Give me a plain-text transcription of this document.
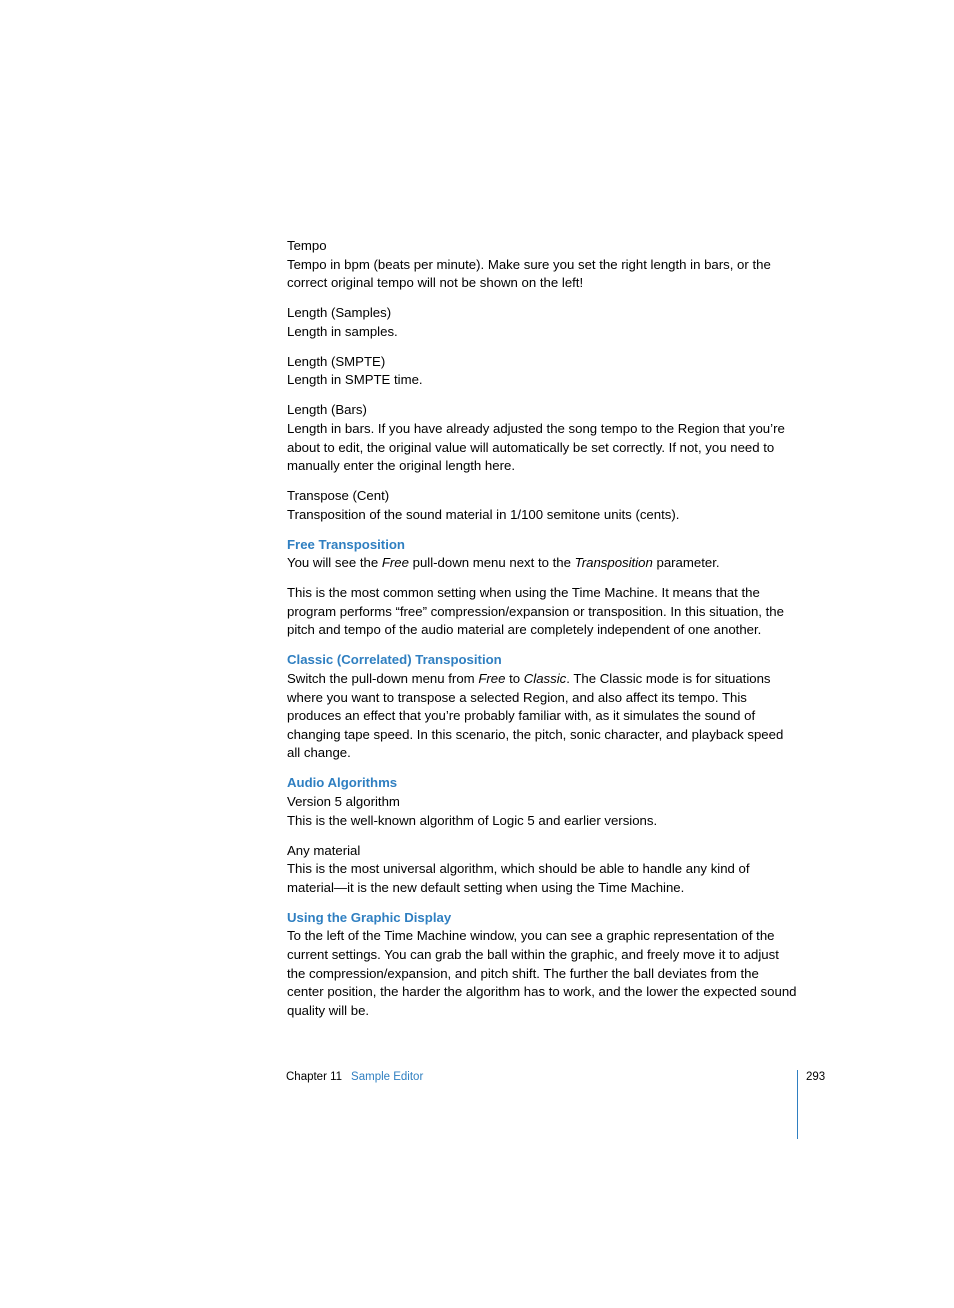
Tempo

Tempo in bpm (beats per minute). Make sure you set the right length in bars, or the correct original tempo will not be shown on the left!

Length (Samples)

Length in samples.

Length (SMPTE)

Length in SMPTE time.

Length (Bars)

Length in bars. If you have already adjusted the song tempo to the Region that you’re about to edit, the original value will automatically be set correctly. If not, you need to manually enter the original length here.

Transpose (Cent)

Transposition of the sound material in 1/100 semitone units (cents).

Free Transposition

You will see the Free pull-down menu next to the Transposition parameter.

This is the most common setting when using the Time Machine. It means that the program performs “free” compression/expansion or transposition. In this situation, the pitch and tempo of the audio material are completely independent of one another.

Classic (Correlated) Transposition

Switch the pull-down menu from Free to Classic. The Classic mode is for situations where you want to transpose a selected Region, and also affect its tempo. This produces an effect that you’re probably familiar with, as it simulates the sound of changing tape speed. In this scenario, the pitch, sonic character, and playback speed all change.

Audio Algorithms

Version 5 algorithm

This is the well-known algorithm of Logic 5 and earlier versions.

Any material

This is the most universal algorithm, which should be able to handle any kind of material—it is the new default setting when using the Time Machine.

Using the Graphic Display

To the left of the Time Machine window, you can see a graphic representation of the current settings. You can grab the ball within the graphic, and freely move it to adjust the compression/expansion, and pitch shift. The further the ball deviates from the center position, the harder the algorithm has to work, and the lower the expected sound quality will be.

Chapter 11 Sample Editor	293
